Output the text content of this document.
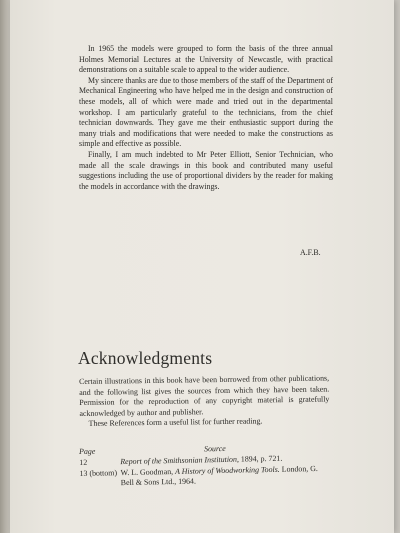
In 1965 the models were grouped to form the basis of the three annual Holmes Memorial Lectures at the University of Newcastle, with practical demonstrations on a suitable scale to appeal to the wider audience.

My sincere thanks are due to those members of the staff of the Department of Mechanical Engineering who have helped me in the design and construction of these models, all of which were made and tried out in the departmental workshop. I am particularly grateful to the technicians, from the chief technician downwards. They gave me their enthusiastic support during the many trials and modifications that were needed to make the constructions as simple and effective as possible.

Finally, I am much indebted to Mr Peter Elliott, Senior Technician, who made all the scale drawings in this book and contributed many useful suggestions including the use of proportional dividers by the reader for making the models in accordance with the drawings.

A.F.B.

Acknowledgments

Certain illustrations in this book have been borrowed from other publications, and the following list gives the sources from which they have been taken. Permission for the reproduction of any copyright material is gratefully acknowledged by author and publisher.

These References form a useful list for further reading.

Page	Source
12	Report of the Smithsonian Institution, 1894, p. 721.
13 (bottom) W. L. Goodman, A History of Woodworking Tools. London, G. Bell & Sons Ltd., 1964.
